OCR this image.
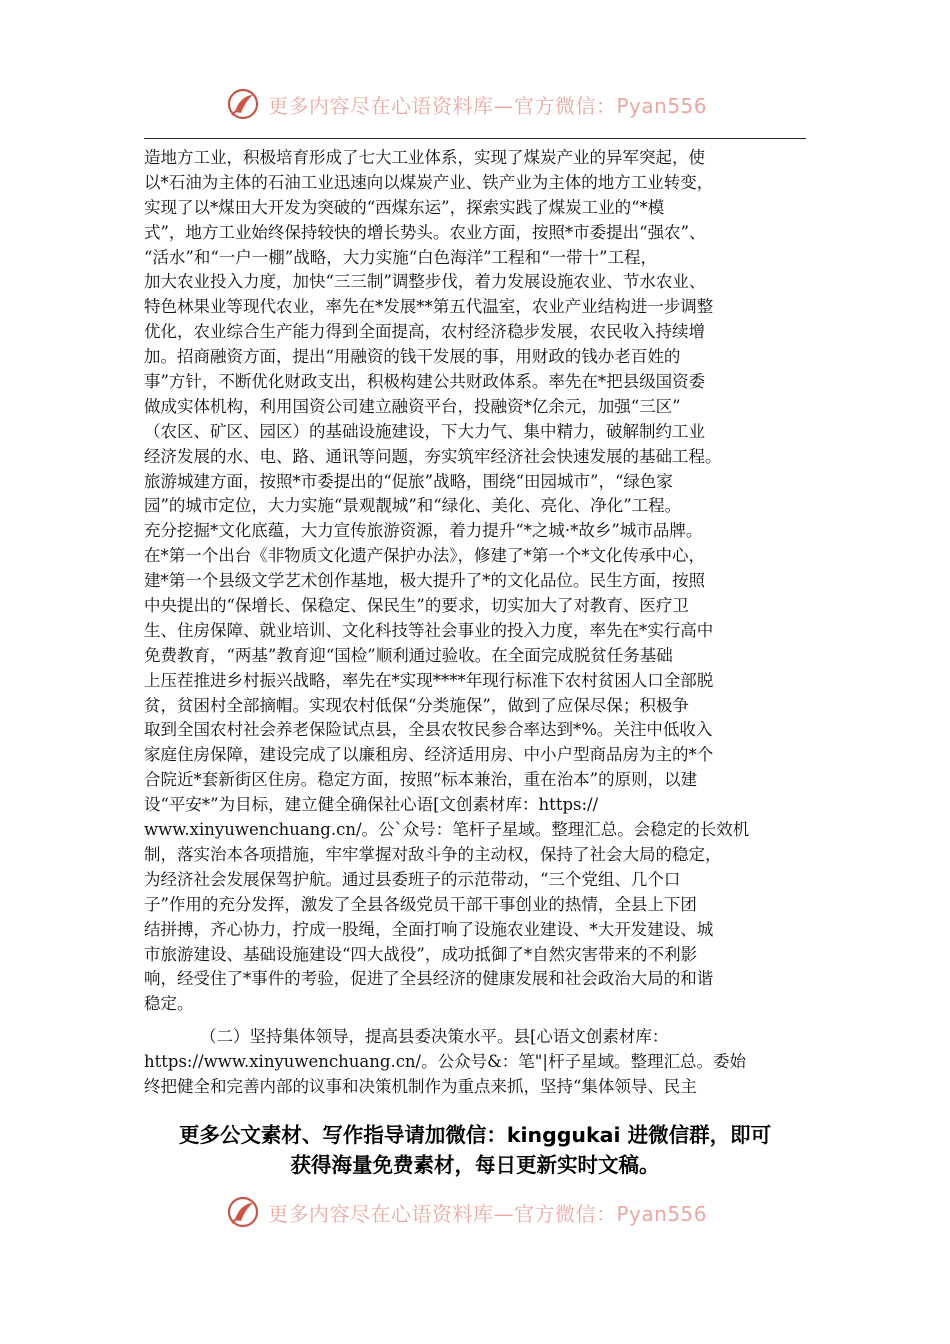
更多内容尽在心语资料库—官方微信：Pyan556
造地方工业，积极培育形成了七大工业体系，实现了煤炭产业的异军突起，使
以*石油为主体的石油工业迅速向以煤炭产业、铁产业为主体的地方工业转变，
实现了以*煤田大开发为突破的“西煤东运”，探索实践了煤炭工业的“*模
式”，地方工业始终保持较快的增长势头。农业方面，按照*市委提出“强农”、
“活水”和“一户一棚”战略，大力实施“白色海洋”工程和“一带十”工程，
加大农业投入力度，加快“三三制”调整步伐，着力发展设施农业、节水农业、
特色林果业等现代农业，率先在*发展**第五代温室，农业产业结构进一步调整
优化，农业综合生产能力得到全面提高，农村经济稳步发展，农民收入持续增
加。招商融资方面，提出“用融资的钱干发展的事，用财政的钱办老百姓的
事”方针，不断优化财政支出，积极构建公共财政体系。率先在*把县级国资委
做成实体机构，利用国资公司建立融资平台，投融资*亿余元，加强“三区”
（农区、矿区、园区）的基础设施建设，下大力气、集中精力，破解制约工业
经济发展的水、电、路、通讯等问题，夯实筑牢经济社会快速发展的基础工程。
旅游城建方面，按照*市委提出的“促旅”战略，围绕“田园城市”，“绿色家
园”的城市定位，大力实施“景观靓城”和“绿化、美化、亮化、净化”工程。
充分挖掘*文化底蕴，大力宣传旅游资源，着力提升“*之城·*故乡”城市品牌。
在*第一个出台《非物质文化遗产保护办法》，修建了*第一个*文化传承中心，
建*第一个县级文学艺术创作基地，极大提升了*的文化品位。民生方面，按照
中央提出的“保增长、保稳定、保民生”的要求，切实加大了对教育、医疗卫
生、住房保障、就业培训、文化科技等社会事业的投入力度，率先在*实行高中
免费教育，“两基”教育迎“国检”顺利通过验收。在全面完成脱贫任务基础
上压茬推进乡村振兴战略，率先在*实现****年现行标准下农村贫困人口全部脱
贫，贫困村全部摘帽。实现农村低保“分类施保”，做到了应保尽保；积极争
取到全国农村社会养老保险试点县，全县农牧民参合率达到*%。关注中低收入
家庭住房保障，建设完成了以廉租房、经济适用房、中小户型商品房为主的*个
合院近*套新街区住房。稳定方面，按照“标本兼治，重在治本”的原则，以建
设“平安*”为目标，建立健全确保社心语[文创素材库：https://
www.xinyuwenchuang.cn/。公`众号：笔杆子星域。整理汇总。会稳定的长效机
制，落实治本各项措施，牢牢掌握对敌斗争的主动权，保持了社会大局的稳定，
为经济社会发展保驾护航。通过县委班子的示范带动，“三个党组、几个口
子”作用的充分发挥，激发了全县各级党员干部干事创业的热情，全县上下团
结拼搏，齐心协力，拧成一股绳，全面打响了设施农业建设、*大开发建设、城
市旅游建设、基础设施建设“四大战役”，成功抵御了*自然灾害带来的不利影
响，经受住了*事件的考验，促进了全县经济的健康发展和社会政治大局的和谐
稳定。
（二）坚持集体领导，提高县委决策水平。县[心语文创素材库：
https://www.xinyuwenchuang.cn/。公众号&：笔"|杆子星域。整理汇总。委始
终把健全和完善内部的议事和决策机制作为重点来抓，坚持“集体领导、民主
更多公文素材、写作指导请加微信：kinggukai 进微信群，即可
获得海量免费素材，每日更新实时文稿。
更多内容尽在心语资料库—官方微信：Pyan556
